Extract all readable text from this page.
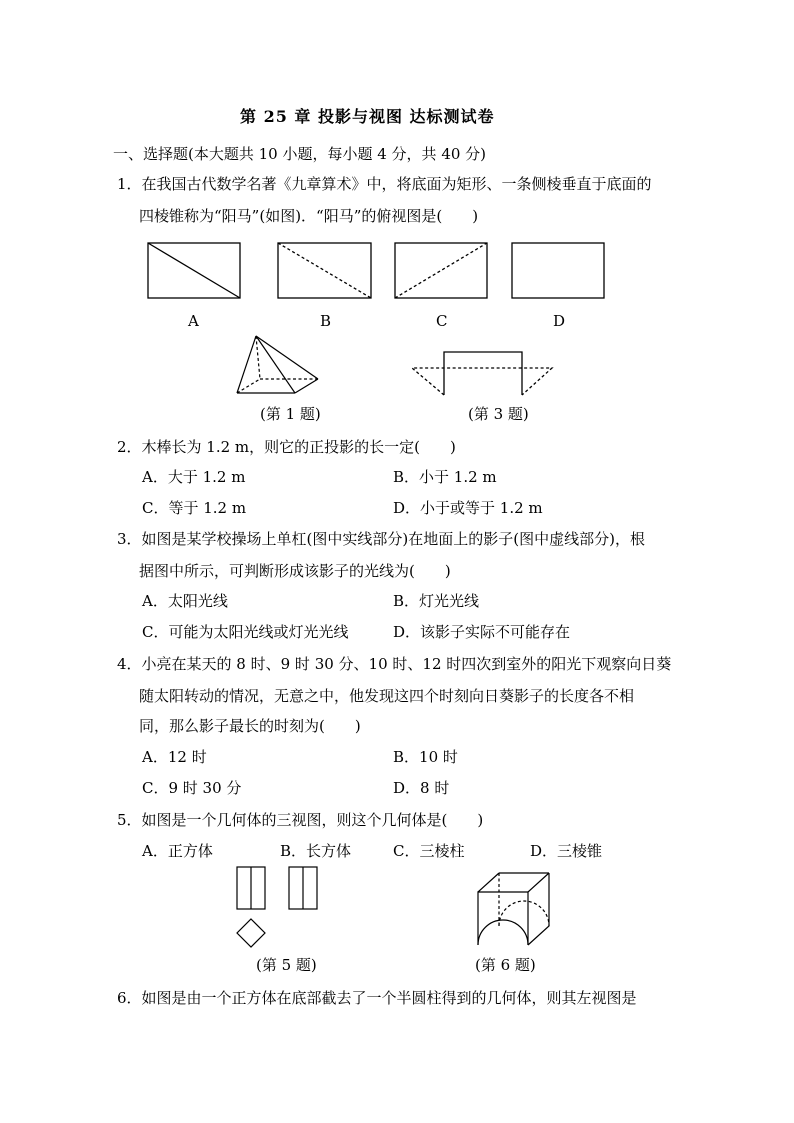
第 25 章 投影与视图 达标测试卷
一、选择题(本大题共 10 小题，每小题 4 分，共 40 分)
1．在我国古代数学名著《九章算术》中，将底面为矩形、一条侧棱垂直于底面的
四棱锥称为“阳马”(如图)．“阳马”的俯视图是(　　)
A	B	C	D
(第 1 题)	(第 3 题)
2．木棒长为 1.2 m，则它的正投影的长一定(　　)
A．大于 1.2 m	B．小于 1.2 m
C．等于 1.2 m	D．小于或等于 1.2 m
3．如图是某学校操场上单杠(图中实线部分)在地面上的影子(图中虚线部分)，根
据图中所示，可判断形成该影子的光线为(　　)
A．太阳光线	B．灯光光线
C．可能为太阳光线或灯光光线	D．该影子实际不可能存在
4．小亮在某天的 8 时、9 时 30 分、10 时、12 时四次到室外的阳光下观察向日葵
随太阳转动的情况，无意之中，他发现这四个时刻向日葵影子的长度各不相
同，那么影子最长的时刻为(　　)
A．12 时	B．10 时
C．9 时 30 分	D．8 时
5．如图是一个几何体的三视图，则这个几何体是(　　)
A．正方体	B．长方体	C．三棱柱	D．三棱锥
(第 5 题)	(第 6 题)
6．如图是由一个正方体在底部截去了一个半圆柱得到的几何体，则其左视图是
